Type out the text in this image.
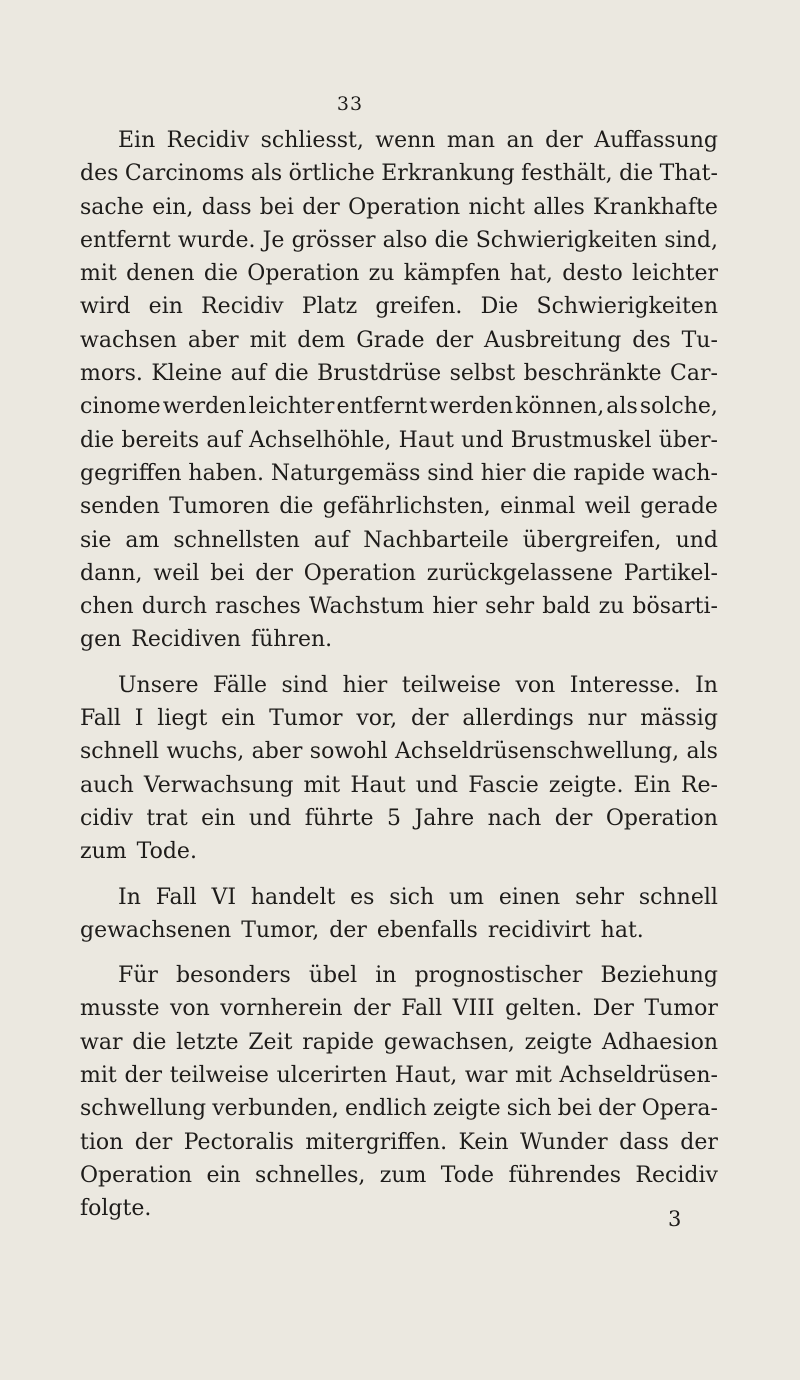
33
Ein Recidiv schliesst, wenn man an der Auffassung
des Carcinoms als örtliche Erkrankung festhält, die That-
sache ein, dass bei der Operation nicht alles Krankhafte
entfernt wurde. Je grösser also die Schwierigkeiten sind,
mit denen die Operation zu kämpfen hat, desto leichter
wird ein Recidiv Platz greifen. Die Schwierigkeiten
wachsen aber mit dem Grade der Ausbreitung des Tu-
mors. Kleine auf die Brustdrüse selbst beschränkte Car-
cinome werden leichter entfernt werden können, als solche,
die bereits auf Achselhöhle, Haut und Brustmuskel über-
gegriffen haben. Naturgemäss sind hier die rapide wach-
senden Tumoren die gefährlichsten, einmal weil gerade
sie am schnellsten auf Nachbarteile übergreifen, und
dann, weil bei der Operation zurückgelassene Partikel-
chen durch rasches Wachstum hier sehr bald zu bösarti-
gen Recidiven führen.
Unsere Fälle sind hier teilweise von Interesse. In
Fall I liegt ein Tumor vor, der allerdings nur mässig
schnell wuchs, aber sowohl Achseldrüsenschwellung, als
auch Verwachsung mit Haut und Fascie zeigte. Ein Re-
cidiv trat ein und führte 5 Jahre nach der Operation
zum Tode.
In Fall VI handelt es sich um einen sehr schnell
gewachsenen Tumor, der ebenfalls recidivirt hat.
Für besonders übel in prognostischer Beziehung
musste von vornherein der Fall VIII gelten. Der Tumor
war die letzte Zeit rapide gewachsen, zeigte Adhaesion
mit der teilweise ulcerirten Haut, war mit Achseldrüsen-
schwellung verbunden, endlich zeigte sich bei der Opera-
tion der Pectoralis mitergriffen. Kein Wunder dass der
Operation ein schnelles, zum Tode führendes Recidiv
folgte.	3
